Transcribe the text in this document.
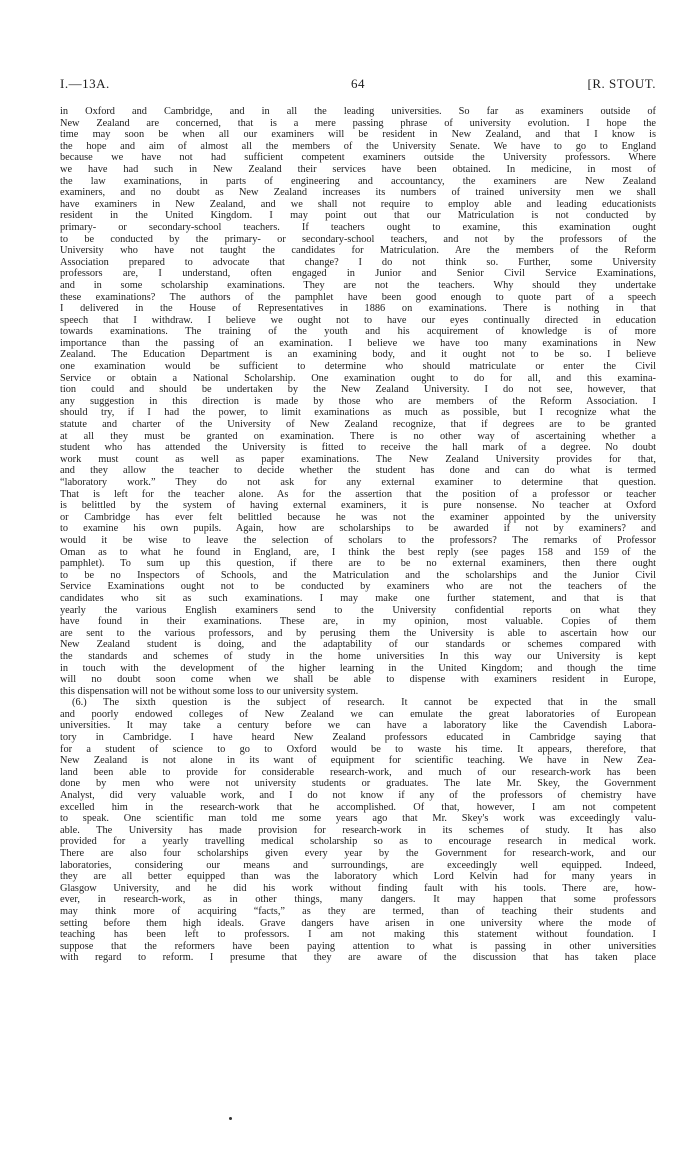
I.—13A.	64	[R. STOUT.
in Oxford and Cambridge, and in all the leading universities. So far as examiners outside of
New Zealand are concerned, that is a mere passing phrase of university evolution. I hope the
time may soon be when all our examiners will be resident in New Zealand, and that I know is
the hope and aim of almost all the members of the University Senate. We have to go to England
because we have not had sufficient competent examiners outside the University professors. Where
we have had such in New Zealand their services have been obtained. In medicine, in most of
the law examinations, in parts of engineering and accountancy, the examiners are New Zealand
examiners, and no doubt as New Zealand increases its numbers of trained university men we shall
have examiners in New Zealand, and we shall not require to employ able and leading educationists
resident in the United Kingdom. I may point out that our Matriculation is not conducted by
primary- or secondary-school teachers. If teachers ought to examine, this examination ought
to be conducted by the primary- or secondary-school teachers, and not by the professors of the
University who have not taught the candidates for Matriculation. Are the members of the Reform
Association prepared to advocate that change? I do not think so. Further, some University
professors are, I understand, often engaged in Junior and Senior Civil Service Examinations,
and in some scholarship examinations. They are not the teachers. Why should they undertake
these examinations? The authors of the pamphlet have been good enough to quote part of a speech
I delivered in the House of Representatives in 1886 on examinations. There is nothing in that
speech that I withdraw. I believe we ought not to have our eyes continually directed in education
towards examinations. The training of the youth and his acquirement of knowledge is of more
importance than the passing of an examination. I believe we have too many examinations in New
Zealand. The Education Department is an examining body, and it ought not to be so. I believe
one examination would be sufficient to determine who should matriculate or enter the Civil
Service or obtain a National Scholarship. One examination ought to do for all, and this examina-
tion could and should be undertaken by the New Zealand University. I do not see, however, that
any suggestion in this direction is made by those who are members of the Reform Association. I
should try, if I had the power, to limit examinations as much as possible, but I recognize what the
statute and charter of the University of New Zealand recognize, that if degrees are to be granted
at all they must be granted on examination. There is no other way of ascertaining whether a
student who has attended the University is fitted to receive the hall mark of a degree. No doubt
work must count as well as paper examinations. The New Zealand University provides for that,
and they allow the teacher to decide whether the student has done and can do what is termed
“laboratory work.” They do not ask for any external examiner to determine that question.
That is left for the teacher alone. As for the assertion that the position of a professor or teacher
is belittled by the system of having external examiners, it is pure nonsense. No teacher at Oxford
or Cambridge has ever felt belittled because he was not the examiner appointed by the university
to examine his own pupils. Again, how are scholarships to be awarded if not by examiners? and
would it be wise to leave the selection of scholars to the professors? The remarks of Professor
Oman as to what he found in England, are, I think the best reply (see pages 158 and 159 of the
pamphlet). To sum up this question, if there are to be no external examiners, then there ought
to be no Inspectors of Schools, and the Matriculation and the scholarships and the Junior Civil
Service Examinations ought not to be conducted by examiners who are not the teachers of the
candidates who sit as such examinations. I may make one further statement, and that is that
yearly the various English examiners send to the University confidential reports on what they
have found in their examinations. These are, in my opinion, most valuable. Copies of them
are sent to the various professors, and by perusing them the University is able to ascertain how our
New Zealand student is doing, and the adaptability of our standards or schemes compared with
the standards and schemes of study in the home universities In this way our University is kept
in touch with the development of the higher learning in the United Kingdom; and though the time
will no doubt soon come when we shall be able to dispense with examiners resident in Europe,
this dispensation will not be without some loss to our university system.
(6.) The sixth question is the subject of research. It cannot be expected that in the small
and poorly endowed colleges of New Zealand we can emulate the great laboratories of European
universities. It may take a century before we can have a laboratory like the Cavendish Labora-
tory in Cambridge. I have heard New Zealand professors educated in Cambridge saying that
for a student of science to go to Oxford would be to waste his time. It appears, therefore, that
New Zealand is not alone in its want of equipment for scientific teaching. We have in New Zea-
land been able to provide for considerable research-work, and much of our research-work has been
done by men who were not university students or graduates. The late Mr. Skey, the Government
Analyst, did very valuable work, and I do not know if any of the professors of chemistry have
excelled him in the research-work that he accomplished. Of that, however, I am not competent
to speak. One scientific man told me some years ago that Mr. Skey's work was exceedingly valu-
able. The University has made provision for research-work in its schemes of study. It has also
provided for a yearly travelling medical scholarship so as to encourage research in medical work.
There are also four scholarships given every year by the Government for research-work, and our
laboratories, considering our means and surroundings, are exceedingly well equipped. Indeed,
they are all better equipped than was the laboratory which Lord Kelvin had for many years in
Glasgow University, and he did his work without finding fault with his tools. There are, how-
ever, in research-work, as in other things, many dangers. It may happen that some professors
may think more of acquiring “facts,” as they are termed, than of teaching their students and
setting before them high ideals. Grave dangers have arisen in one university where the mode of
teaching has been left to professors. I am not making this statement without foundation. I
suppose that the reformers have been paying attention to what is passing in other universities
with regard to reform. I presume that they are aware of the discussion that has taken place
